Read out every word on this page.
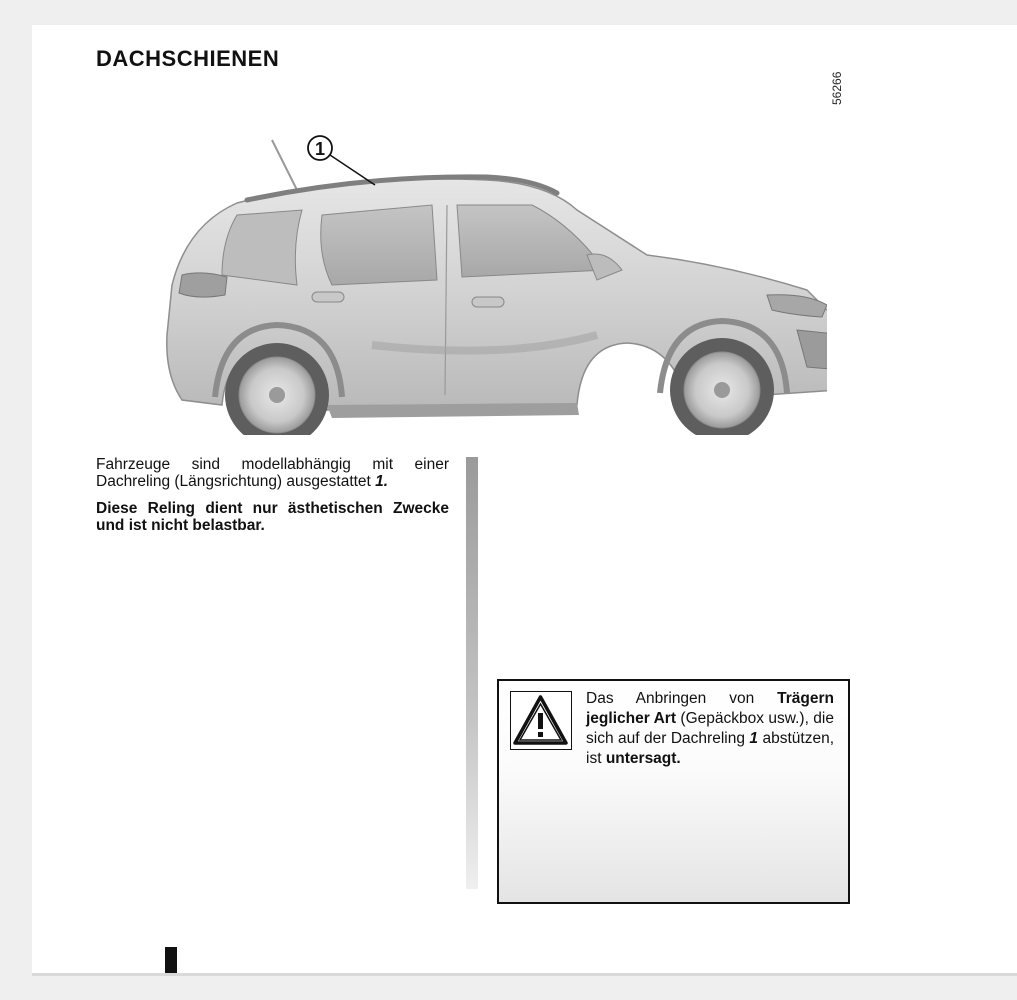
DACHSCHIENEN
56266
1

Fahrzeuge sind modellabhängig mit einer Dachreling (Längsrichtung) ausgestattet 1.

Diese Reling dient nur ästhetischen Zwecke und ist nicht belastbar.

Das Anbringen von Trägern jeglicher Art (Gepäckbox usw.), die sich auf der Dachreling 1 abstützen, ist untersagt.
